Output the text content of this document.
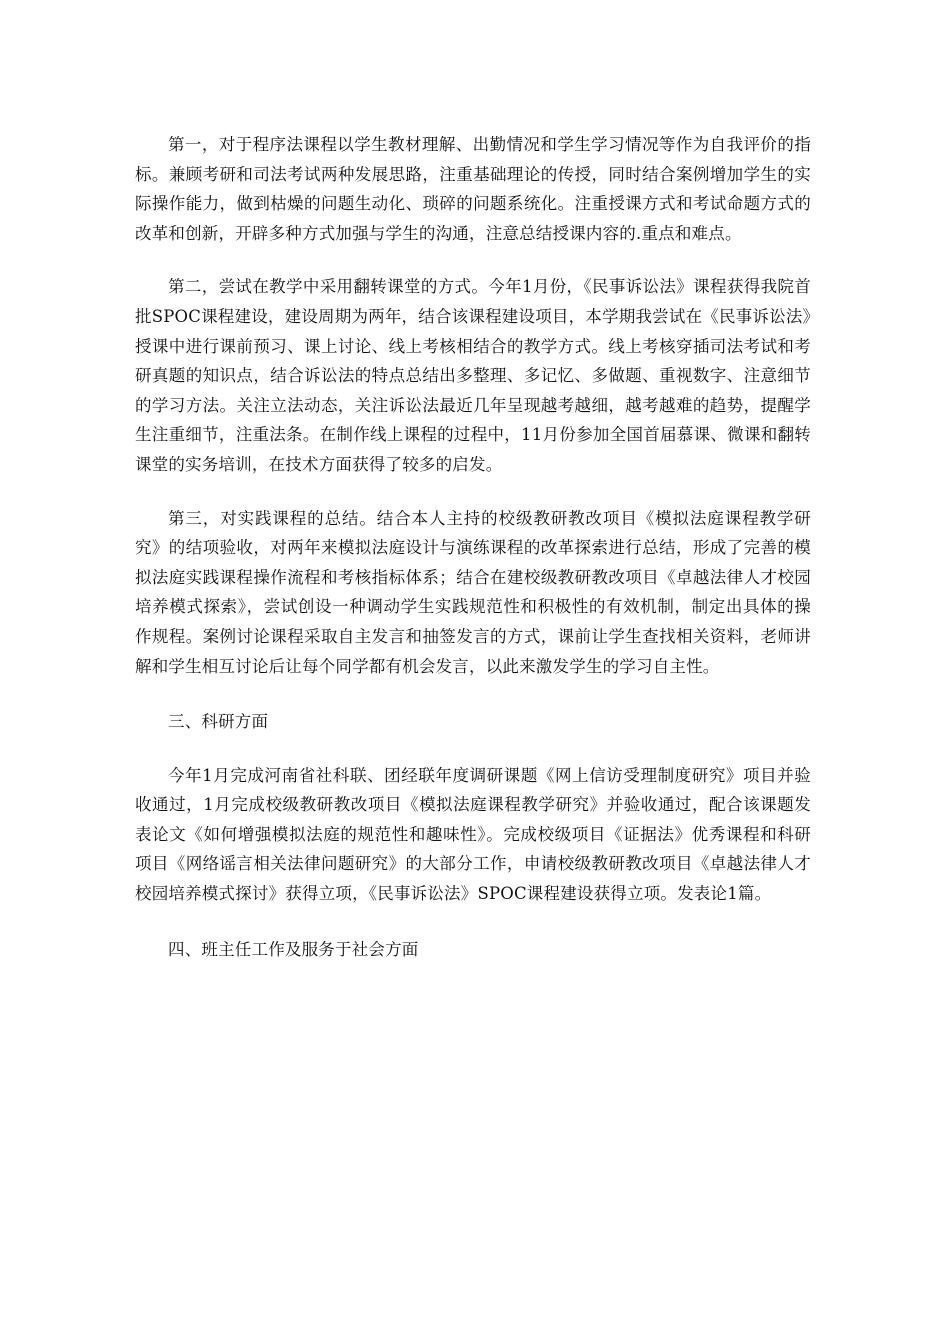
第一，对于程序法课程以学生教材理解、出勤情况和学生学习情况等作为自我评价的指标。兼顾考研和司法考试两种发展思路，注重基础理论的传授，同时结合案例增加学生的实际操作能力，做到枯燥的问题生动化、琐碎的问题系统化。注重授课方式和考试命题方式的改革和创新，开辟多种方式加强与学生的沟通，注意总结授课内容的.重点和难点。

第二，尝试在教学中采用翻转课堂的方式。今年1月份，《民事诉讼法》课程获得我院首批SPOC课程建设，建设周期为两年，结合该课程建设项目，本学期我尝试在《民事诉讼法》授课中进行课前预习、课上讨论、线上考核相结合的教学方式。线上考核穿插司法考试和考研真题的知识点，结合诉讼法的特点总结出多整理、多记忆、多做题、重视数字、注意细节的学习方法。关注立法动态，关注诉讼法最近几年呈现越考越细，越考越难的趋势，提醒学生注重细节，注重法条。在制作线上课程的过程中，11月份参加全国首届慕课、微课和翻转课堂的实务培训，在技术方面获得了较多的启发。

第三，对实践课程的总结。结合本人主持的校级教研教改项目《模拟法庭课程教学研究》的结项验收，对两年来模拟法庭设计与演练课程的改革探索进行总结，形成了完善的模拟法庭实践课程操作流程和考核指标体系；结合在建校级教研教改项目《卓越法律人才校园培养模式探索》，尝试创设一种调动学生实践规范性和积极性的有效机制，制定出具体的操作规程。案例讨论课程采取自主发言和抽签发言的方式，课前让学生查找相关资料，老师讲解和学生相互讨论后让每个同学都有机会发言，以此来激发学生的学习自主性。

三、科研方面

今年1月完成河南省社科联、团经联年度调研课题《网上信访受理制度研究》项目并验收通过，1月完成校级教研教改项目《模拟法庭课程教学研究》并验收通过，配合该课题发表论文《如何增强模拟法庭的规范性和趣味性》。完成校级项目《证据法》优秀课程和科研项目《网络谣言相关法律问题研究》的大部分工作，申请校级教研教改项目《卓越法律人才校园培养模式探讨》获得立项，《民事诉讼法》SPOC课程建设获得立项。发表论1篇。

四、班主任工作及服务于社会方面
